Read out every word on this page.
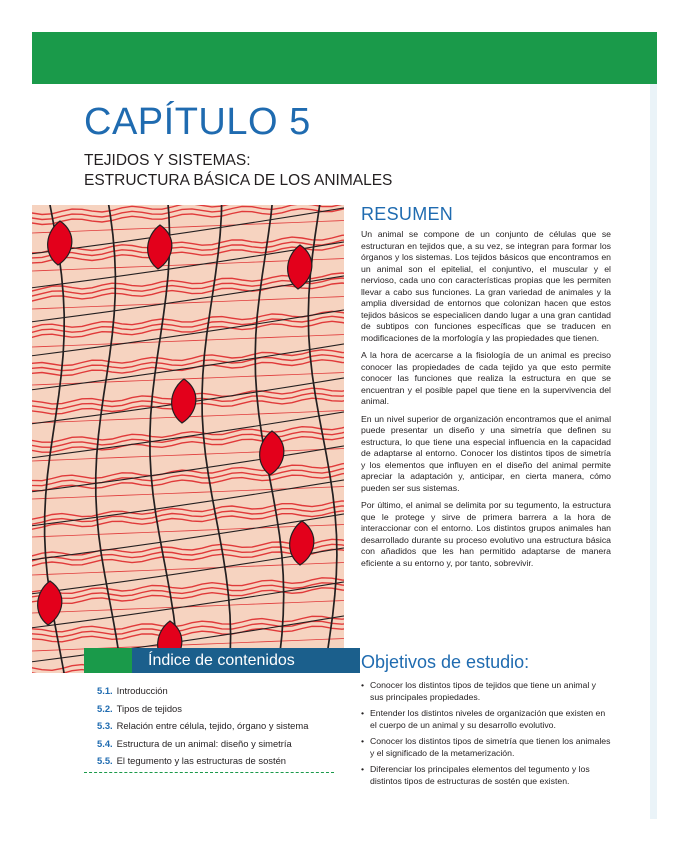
CAPÍTULO 5
TEJIDOS Y SISTEMAS:
ESTRUCTURA BÁSICA DE LOS ANIMALES
Índice de contenidos
5.1. Introducción
5.2. Tipos de tejidos
5.3. Relación entre célula, tejido, órgano y sistema
5.4. Estructura de un animal: diseño y simetría
5.5. El tegumento y las estructuras de sostén
RESUMEN

Un animal se compone de un conjunto de células que se estructuran en tejidos que, a su vez, se integran para formar los órganos y los sistemas. Los tejidos básicos que encontramos en un animal son el epitelial, el conjuntivo, el muscular y el nervioso, cada uno con características propias que les permiten llevar a cabo sus funciones. La gran variedad de animales y la amplia diversidad de entornos que colonizan hacen que estos tejidos básicos se especialicen dando lugar a una gran cantidad de subtipos con funciones específicas que se traducen en modificaciones de la morfología y las propiedades que tienen.

A la hora de acercarse a la fisiología de un animal es preciso conocer las propiedades de cada tejido ya que esto permite conocer las funciones que realiza la estructura en que se encuentran y el posible papel que tiene en la supervivencia del animal.

En un nivel superior de organización encontramos que el animal puede presentar un diseño y una simetría que definen su estructura, lo que tiene una especial influencia en la capacidad de adaptarse al entorno. Conocer los distintos tipos de simetría y los elementos que influyen en el diseño del animal permite apreciar la adaptación y, anticipar, en cierta manera, cómo pueden ser sus sistemas.

Por último, el animal se delimita por su tegumento, la estructura que le protege y sirve de primera barrera a la hora de interaccionar con el entorno. Los distintos grupos animales han desarrollado durante su proceso evolutivo una estructura básica con añadidos que les han permitido adaptarse de manera eficiente a su entorno y, por tanto, sobrevivir.

Objetivos de estudio:
• Conocer los distintos tipos de tejidos que tiene un animal y sus principales propiedades.
• Entender los distintos niveles de organización que existen en el cuerpo de un animal y su desarrollo evolutivo.
• Conocer los distintos tipos de simetría que tienen los animales y el significado de la metamerización.
• Diferenciar los principales elementos del tegumento y los distintos tipos de estructuras de sostén que existen.
